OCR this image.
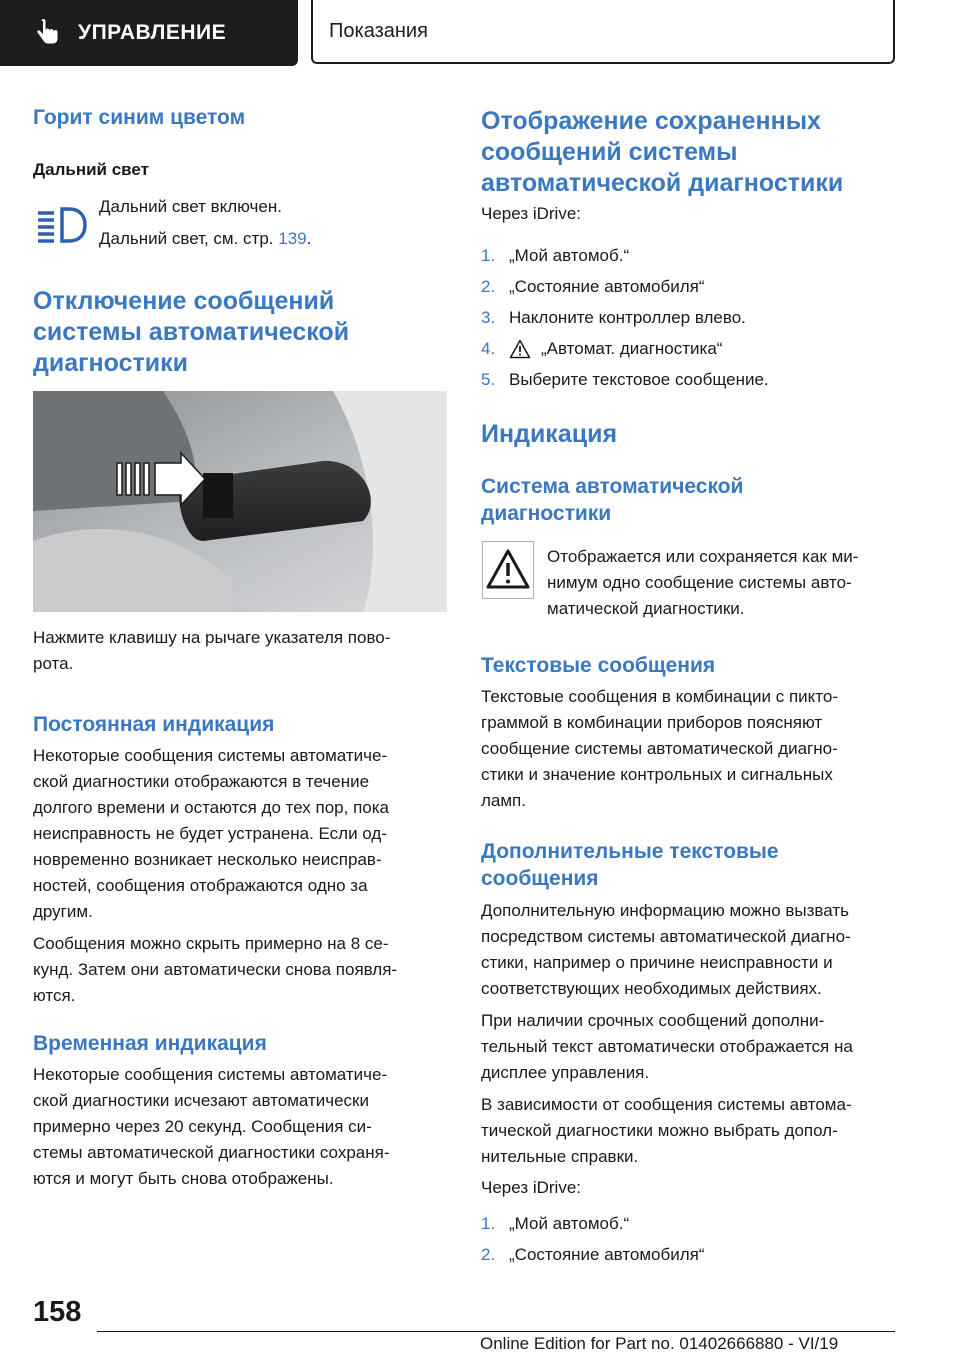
УПРАВЛЕНИЕ	Показания
Горит синим цветом
Дальний свет

Дальний свет включен.

Дальний свет, см. стр. 139.

Отключение сообщений системы автоматической диагностики

Нажмите клавишу на рычаге указателя пово-

рота.

Постоянная индикация

Некоторые сообщения системы автоматиче-

ской диагностики отображаются в течение

долгого времени и остаются до тех пор, пока

неисправность не будет устранена. Если од-

новременно возникает несколько неисправ-

ностей, сообщения отображаются одно за

другим.

Сообщения можно скрыть примерно на 8 се-

кунд. Затем они автоматически снова появля-

ются.

Временная индикация

Некоторые сообщения системы автоматиче-

ской диагностики исчезают автоматически

примерно через 20 секунд. Сообщения си-

стемы автоматической диагностики сохраня-

ются и могут быть снова отображены.

Отображение сохраненных сообщений системы автоматической диагностики

Через iDrive:

1. „Мой автомоб.“
2. „Состояние автомобиля“
3. Наклоните контроллер влево.
4.	„Автомат. диагностика“
5. Выберите текстовое сообщение.
Индикация
Система автоматической диагностики

Отображается или сохраняется как ми-

нимум одно сообщение системы авто-

матической диагностики.

Текстовые сообщения

Текстовые сообщения в комбинации с пикто-

граммой в комбинации приборов поясняют

сообщение системы автоматической диагно-

стики и значение контрольных и сигнальных

ламп.

Дополнительные текстовые сообщения

Дополнительную информацию можно вызвать

посредством системы автоматической диагно-

стики, например о причине неисправности и

соответствующих необходимых действиях.

При наличии срочных сообщений дополни-

тельный текст автоматически отображается на

дисплее управления.

В зависимости от сообщения системы автома-

тической диагностики можно выбрать допол-

нительные справки.

Через iDrive:

1. „Мой автомоб.“
2. „Состояние автомобиля“
158
Online Edition for Part no. 01402666880 - VI/19
